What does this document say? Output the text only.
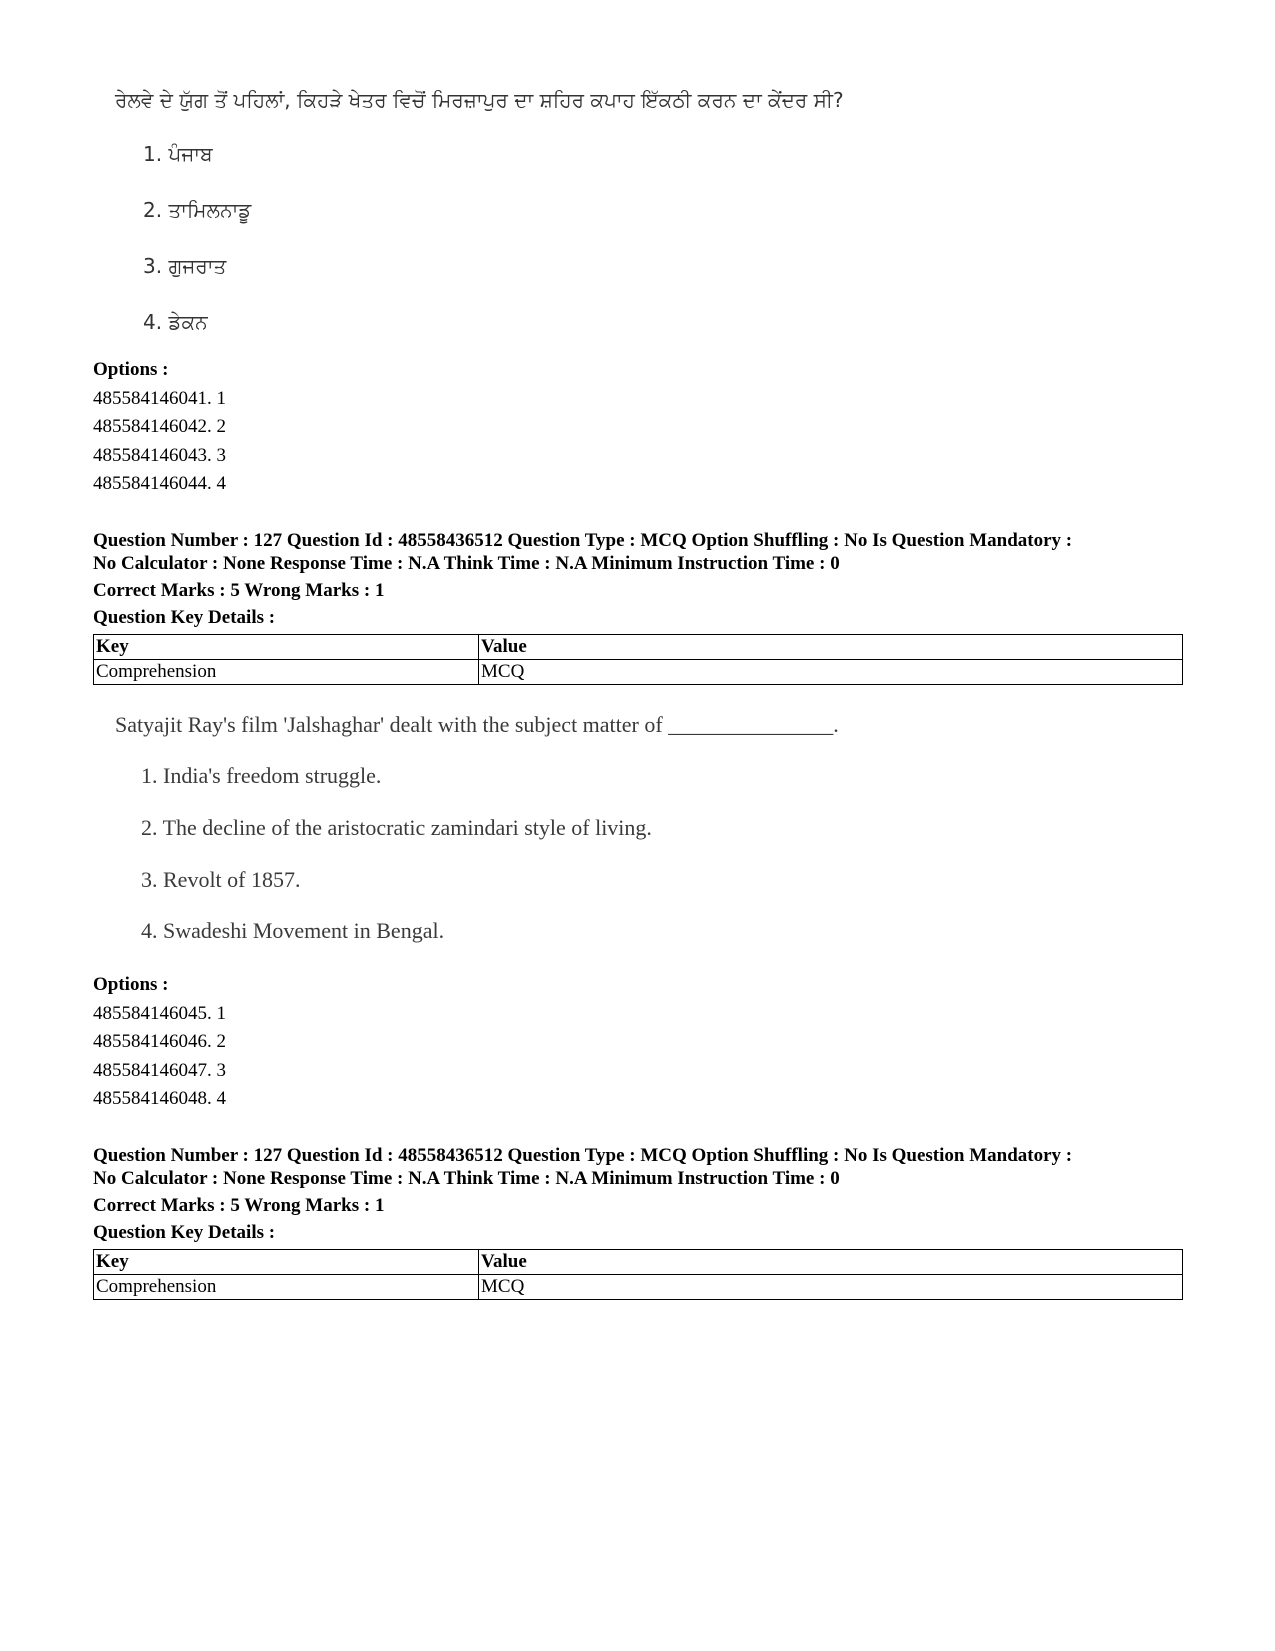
ਰੇਲਵੇ ਦੇ ਯੁੱਗ ਤੋਂ ਪਹਿਲਾਂ, ਕਿਹੜੇ ਖੇਤਰ ਵਿਚੋਂ ਮਿਰਜ਼ਾਪੁਰ ਦਾ ਸ਼ਹਿਰ ਕਪਾਹ ਇੱਕਠੀ ਕਰਨ ਦਾ ਕੇਂਦਰ ਸੀ?
1. ਪੰਜਾਬ
2. ਤਾਮਿਲਨਾਡੂ
3. ਗੁਜਰਾਤ
4. ਡੇਕਨ
Options :
485584146041. 1
485584146042. 2
485584146043. 3
485584146044. 4
Question Number : 127 Question Id : 48558436512 Question Type : MCQ Option Shuffling : No Is Question Mandatory :
No Calculator : None Response Time : N.A Think Time : N.A Minimum Instruction Time : 0
Correct Marks : 5 Wrong Marks : 1
Question Key Details :
Key	Value
Comprehension	MCQ
Satyajit Ray's film 'Jalshaghar' dealt with the subject matter of _______________.
1. India's freedom struggle.
2. The decline of the aristocratic zamindari style of living.
3. Revolt of 1857.
4. Swadeshi Movement in Bengal.
Options :
485584146045. 1
485584146046. 2
485584146047. 3
485584146048. 4
Question Number : 127 Question Id : 48558436512 Question Type : MCQ Option Shuffling : No Is Question Mandatory :
No Calculator : None Response Time : N.A Think Time : N.A Minimum Instruction Time : 0
Correct Marks : 5 Wrong Marks : 1
Question Key Details :
Key	Value
Comprehension	MCQ
